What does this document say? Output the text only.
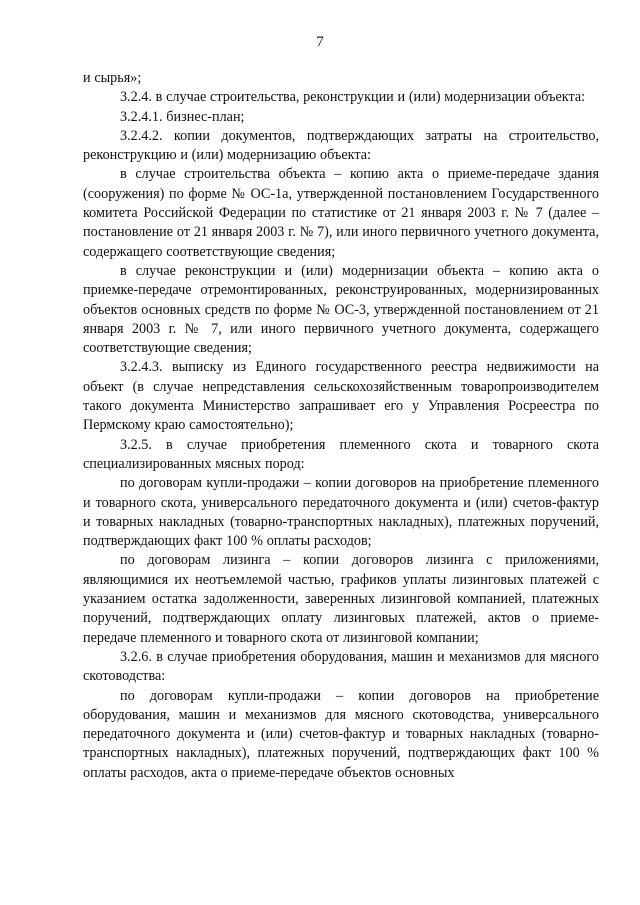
7

и сырья»;

3.2.4. в случае строительства, реконструкции и (или) модернизации объекта:

3.2.4.1. бизнес-план;

3.2.4.2. копии документов, подтверждающих затраты на строительство, реконструкцию и (или) модернизацию объекта:

в случае строительства объекта – копию акта о приеме-передаче здания (сооружения) по форме № ОС-1а, утвержденной постановлением Государственного комитета Российской Федерации по статистике от 21 января 2003 г. № 7 (далее – постановление от 21 января 2003 г. № 7), или иного первичного учетного документа, содержащего соответствующие сведения;

в случае реконструкции и (или) модернизации объекта – копию акта о приемке-передаче отремонтированных, реконструированных, модернизированных объектов основных средств по форме № ОС-3, утвержденной постановлением от 21 января 2003 г. № 7, или иного первичного учетного документа, содержащего соответствующие сведения;

3.2.4.3. выписку из Единого государственного реестра недвижимости на объект (в случае непредставления сельскохозяйственным товаропроизводителем такого документа Министерство запрашивает его у Управления Росреестра по Пермскому краю самостоятельно);

3.2.5. в случае приобретения племенного скота и товарного скота специализированных мясных пород:

по договорам купли-продажи – копии договоров на приобретение племенного и товарного скота, универсального передаточного документа и (или) счетов-фактур и товарных накладных (товарно-транспортных накладных), платежных поручений, подтверждающих факт 100 % оплаты расходов;

по договорам лизинга – копии договоров лизинга с приложениями, являющимися их неотъемлемой частью, графиков уплаты лизинговых платежей с указанием остатка задолженности, заверенных лизинговой компанией, платежных поручений, подтверждающих оплату лизинговых платежей, актов о приеме-передаче племенного и товарного скота от лизинговой компании;

3.2.6. в случае приобретения оборудования, машин и механизмов для мясного скотоводства:

по договорам купли-продажи – копии договоров на приобретение оборудования, машин и механизмов для мясного скотоводства, универсального передаточного документа и (или) счетов-фактур и товарных накладных (товарно-транспортных накладных), платежных поручений, подтверждающих факт 100 % оплаты расходов, акта о приеме-передаче объектов основных
